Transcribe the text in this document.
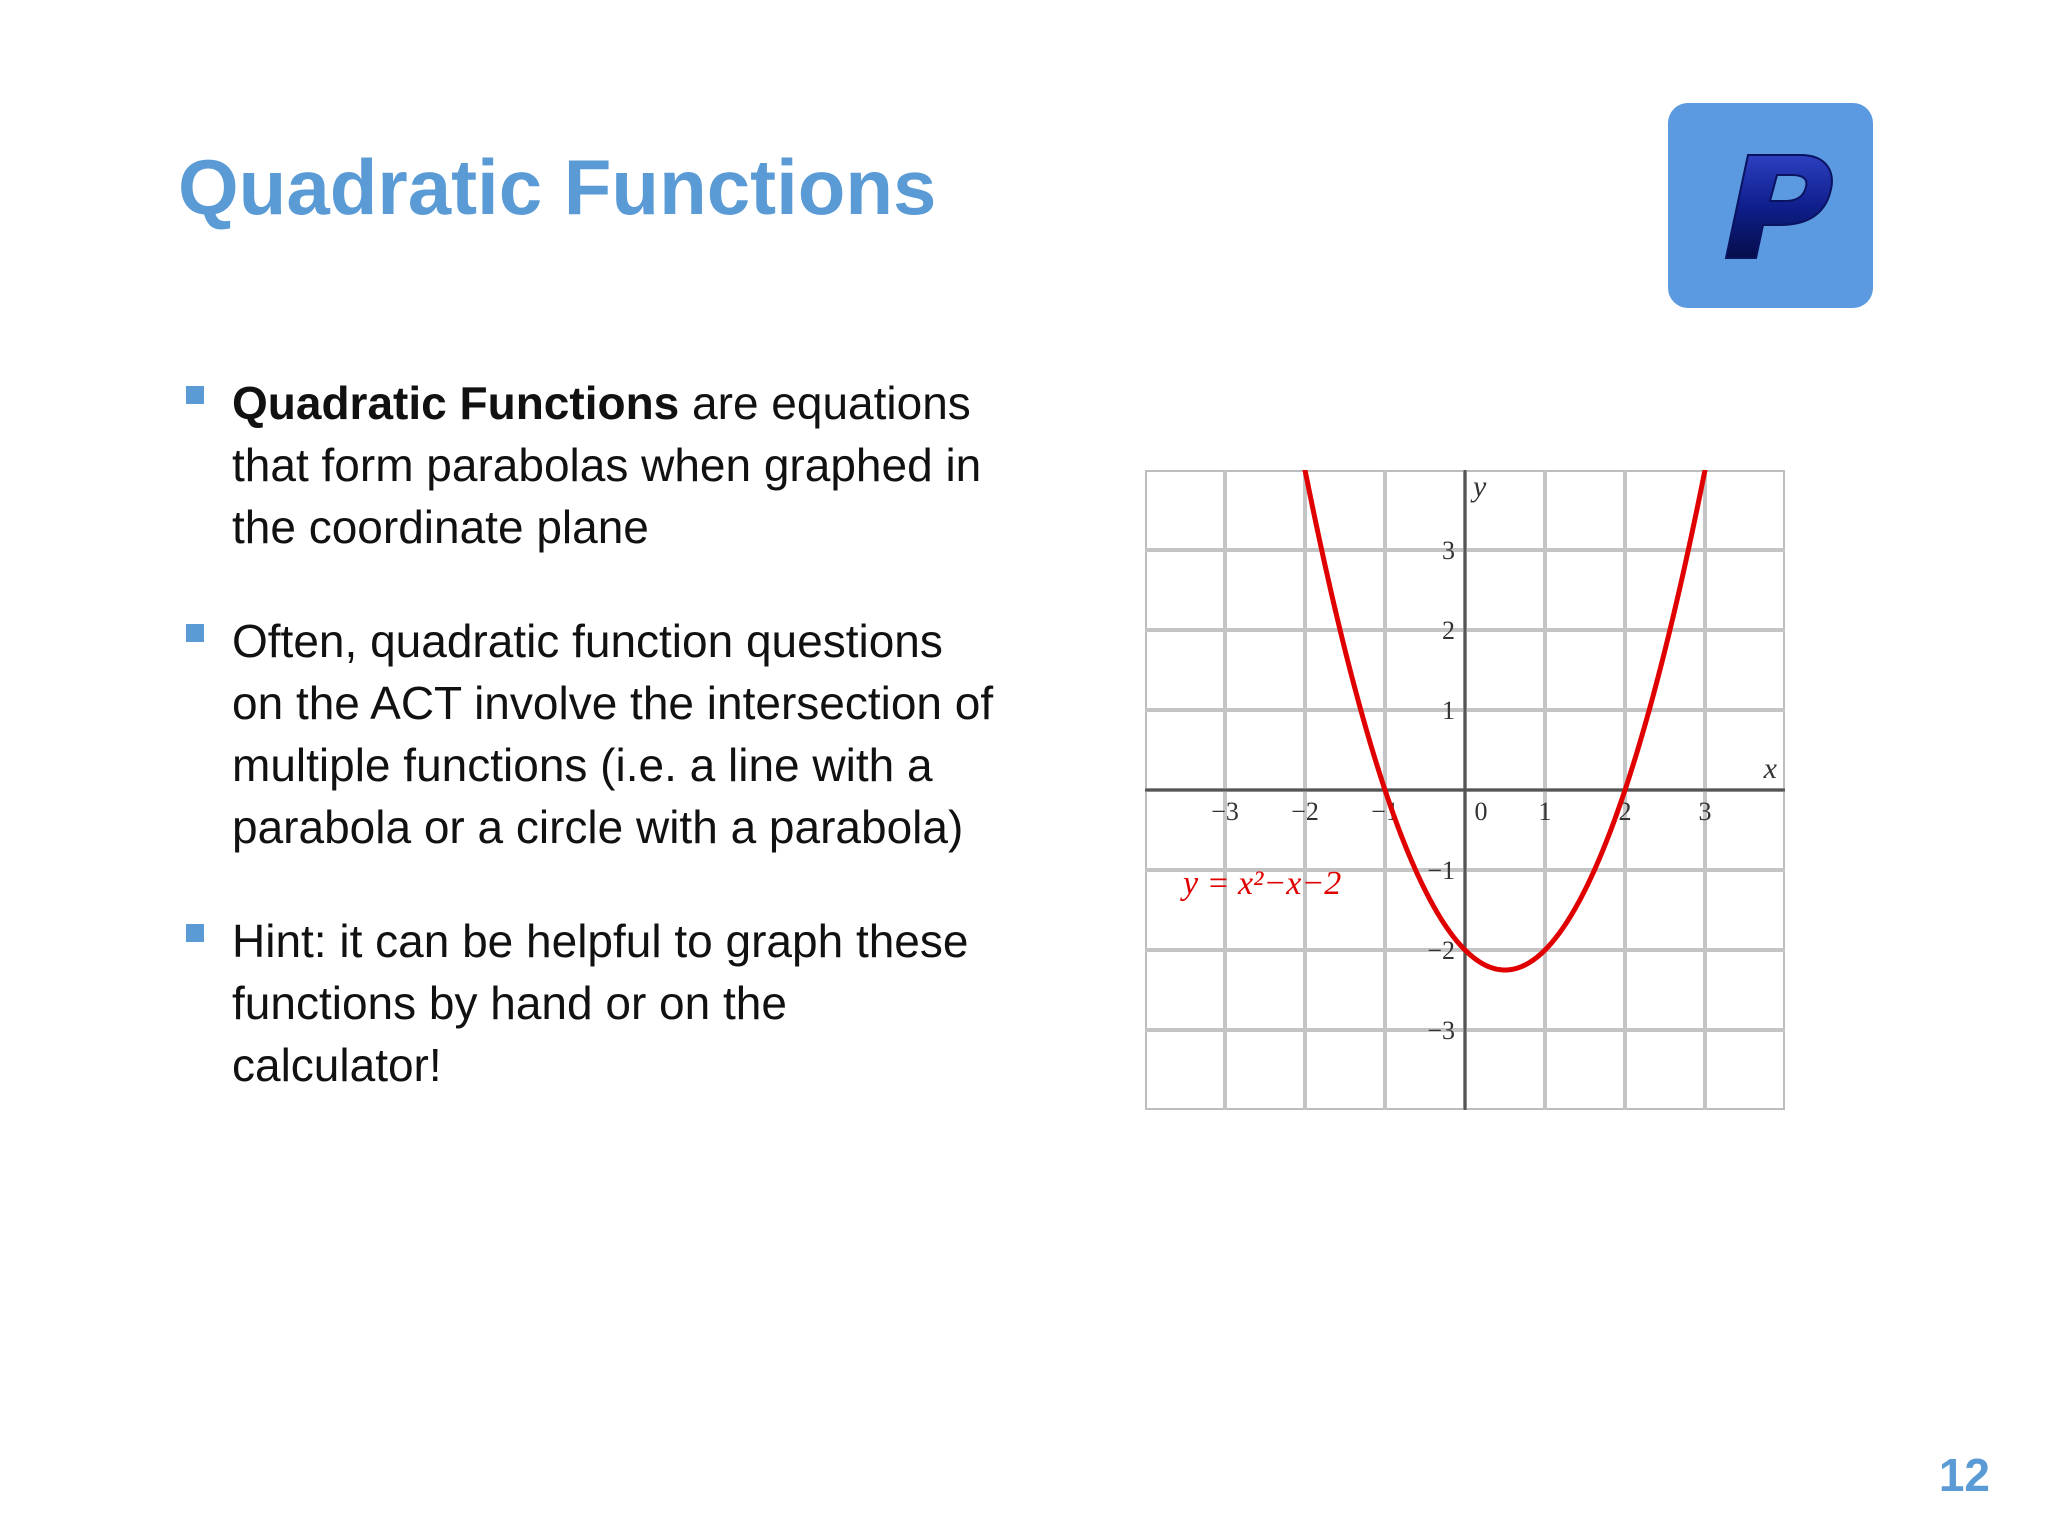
Quadratic Functions
Quadratic Functions are equations that form parabolas when graphed in the coordinate plane
Often, quadratic function questions on the ACT involve the intersection of multiple functions (i.e. a line with a parabola or a circle with a parabola)
Hint: it can be helpful to graph these functions by hand or on the calculator!
−3 −2 −1	0 1	2	3
3
2
1
−1
−2
−3
x
y
y = x²−x−2
12
